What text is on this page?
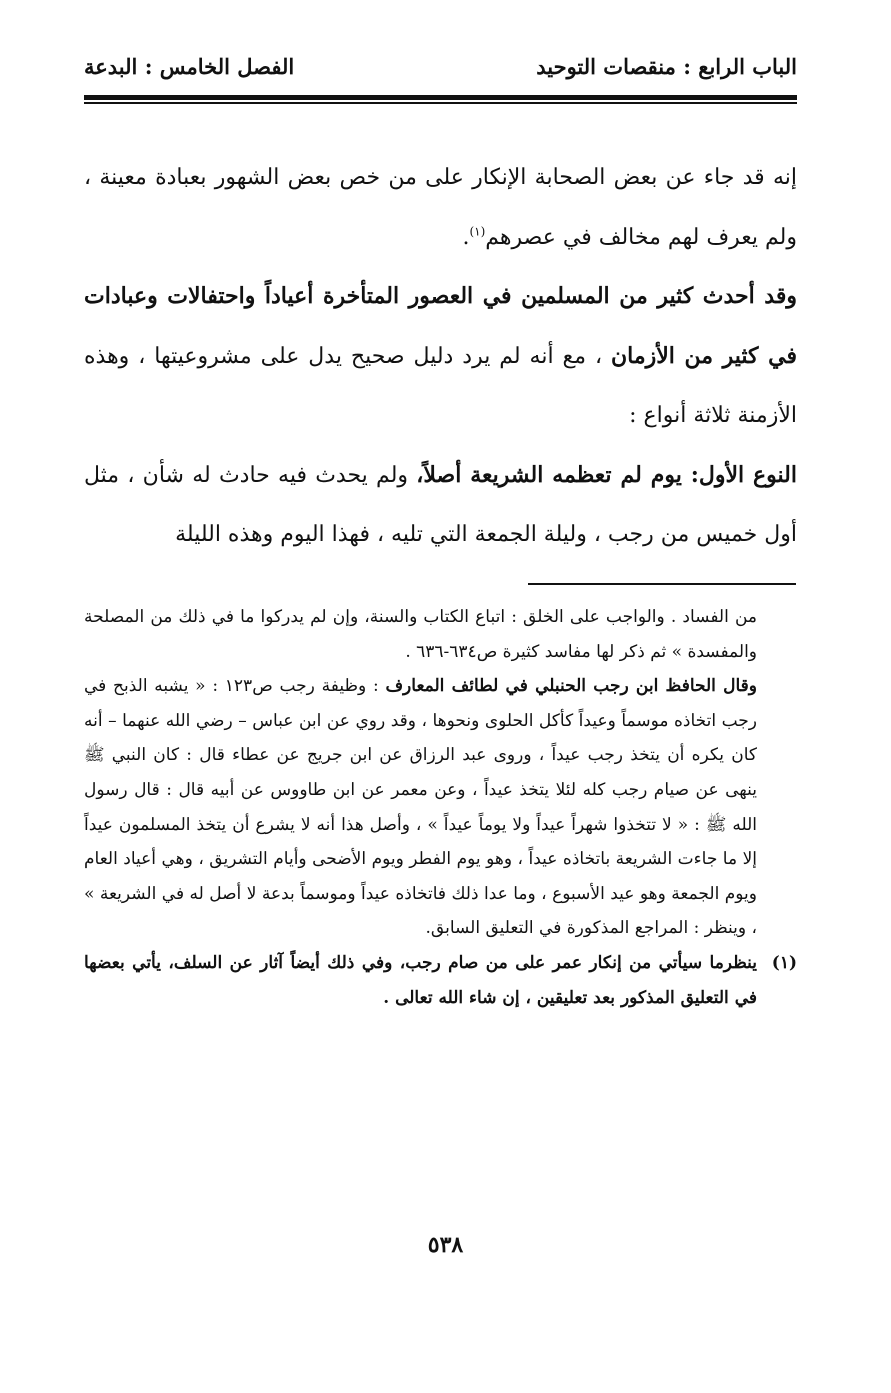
الباب الرابع : منقصات التوحيد
الفصل الخامس : البدعة

إنه قد جاء عن بعض الصحابة الإنكار على من خص بعض الشهور بعبادة معينة ، ولم يعرف لهم مخالف في عصرهم$^{(١)}$.

وقد أحدث كثير من المسلمين في العصور المتأخرة أعياداً واحتفالات وعبادات في كثير من الأزمان ، مع أنه لم يرد دليل صحيح يدل على مشروعيتها ، وهذه الأزمنة ثلاثة أنواع :

النوع الأول: يوم لم تعظمه الشريعة أصلاً، ولم يحدث فيه حادث له شأن ، مثل أول خميس من رجب ، وليلة الجمعة التي تليه ، فهذا اليوم وهذه الليلة

من الفساد . والواجب على الخلق : اتباع الكتاب والسنة، وإن لم يدركوا ما في ذلك من المصلحة والمفسدة » ثم ذكر لها مفاسد كثيرة ص٦٣٤-٦٣٦ .

وقال الحافظ ابن رجب الحنبلي في لطائف المعارف : وظيفة رجب ص١٢٣ : « يشبه الذبح في رجب اتخاذه موسماً وعيداً كأكل الحلوى ونحوها ، وقد روي عن ابن عباس – رضي الله عنهما – أنه كان يكره أن يتخذ رجب عيداً ، وروى عبد الرزاق عن ابن جريج عن عطاء قال : كان النبي ﷺ ينهى عن صيام رجب كله لئلا يتخذ عيداً ، وعن معمر عن ابن طاووس عن أبيه قال : قال رسول الله ﷺ : « لا تتخذوا شهراً عيداً ولا يوماً عيداً » ، وأصل هذا أنه لا يشرع أن يتخذ المسلمون عيداً إلا ما جاءت الشريعة باتخاذه عيداً ، وهو يوم الفطر ويوم الأضحى وأيام التشريق ، وهي أعياد العام ويوم الجمعة وهو عيد الأسبوع ، وما عدا ذلك فاتخاذه عيداً وموسماً بدعة لا أصل له في الشريعة » ، وينظر : المراجع المذكورة في التعليق السابق.

(١)
ينظرما سيأتي من إنكار عمر على من صام رجب، وفي ذلك أيضاً آثار عن السلف، يأتي بعضها في التعليق المذكور بعد تعليقين ، إن شاء الله تعالى .

٥٣٨
